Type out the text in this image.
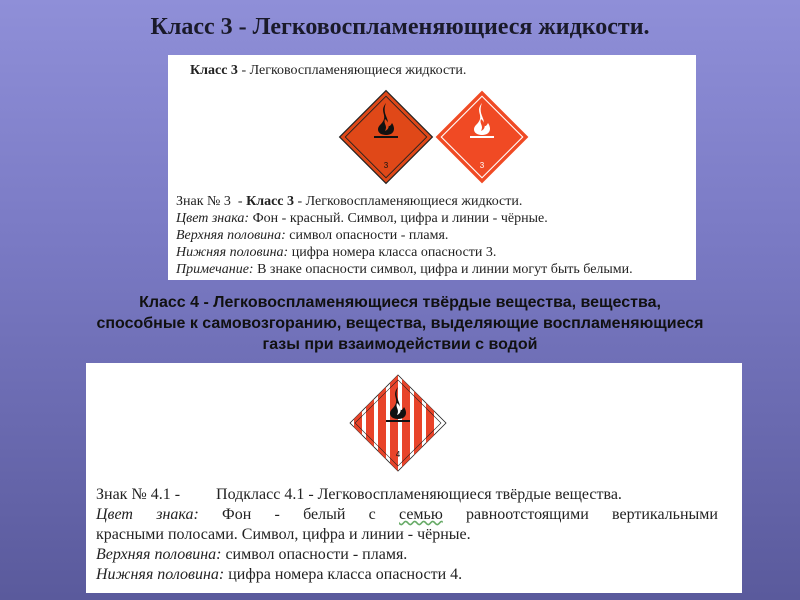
Класс 3 - Легковоспламеняющиеся жидкости.
Класс 3 - Легковоспламеняющиеся жидкости.
3	3
Знак № 3  - Класс 3 - Легковоспламеняющиеся жидкости.
Цвет знака: Фон - красный. Символ, цифра и линии - чёрные.
Верхняя половина: символ опасности - пламя.
Нижняя половина: цифра номера класса опасности 3.
Примечание: В знаке опасности символ, цифра и линии могут быть белыми.
Класс 4 - Легковоспламеняющиеся твёрдые вещества, вещества,
способные к самовозгоранию, вещества, выделяющие воспламеняющиеся
газы при взаимодействии с водой
4
Знак № 4.1 - Подкласс 4.1 - Легковоспламеняющиеся твёрдые вещества.
Цвет знака: Фон - белый с семью равноотстоящими вертикальными
красными полосами. Символ, цифра и линии - чёрные.
Верхняя половина: символ опасности - пламя.
Нижняя половина: цифра номера класса опасности 4.
